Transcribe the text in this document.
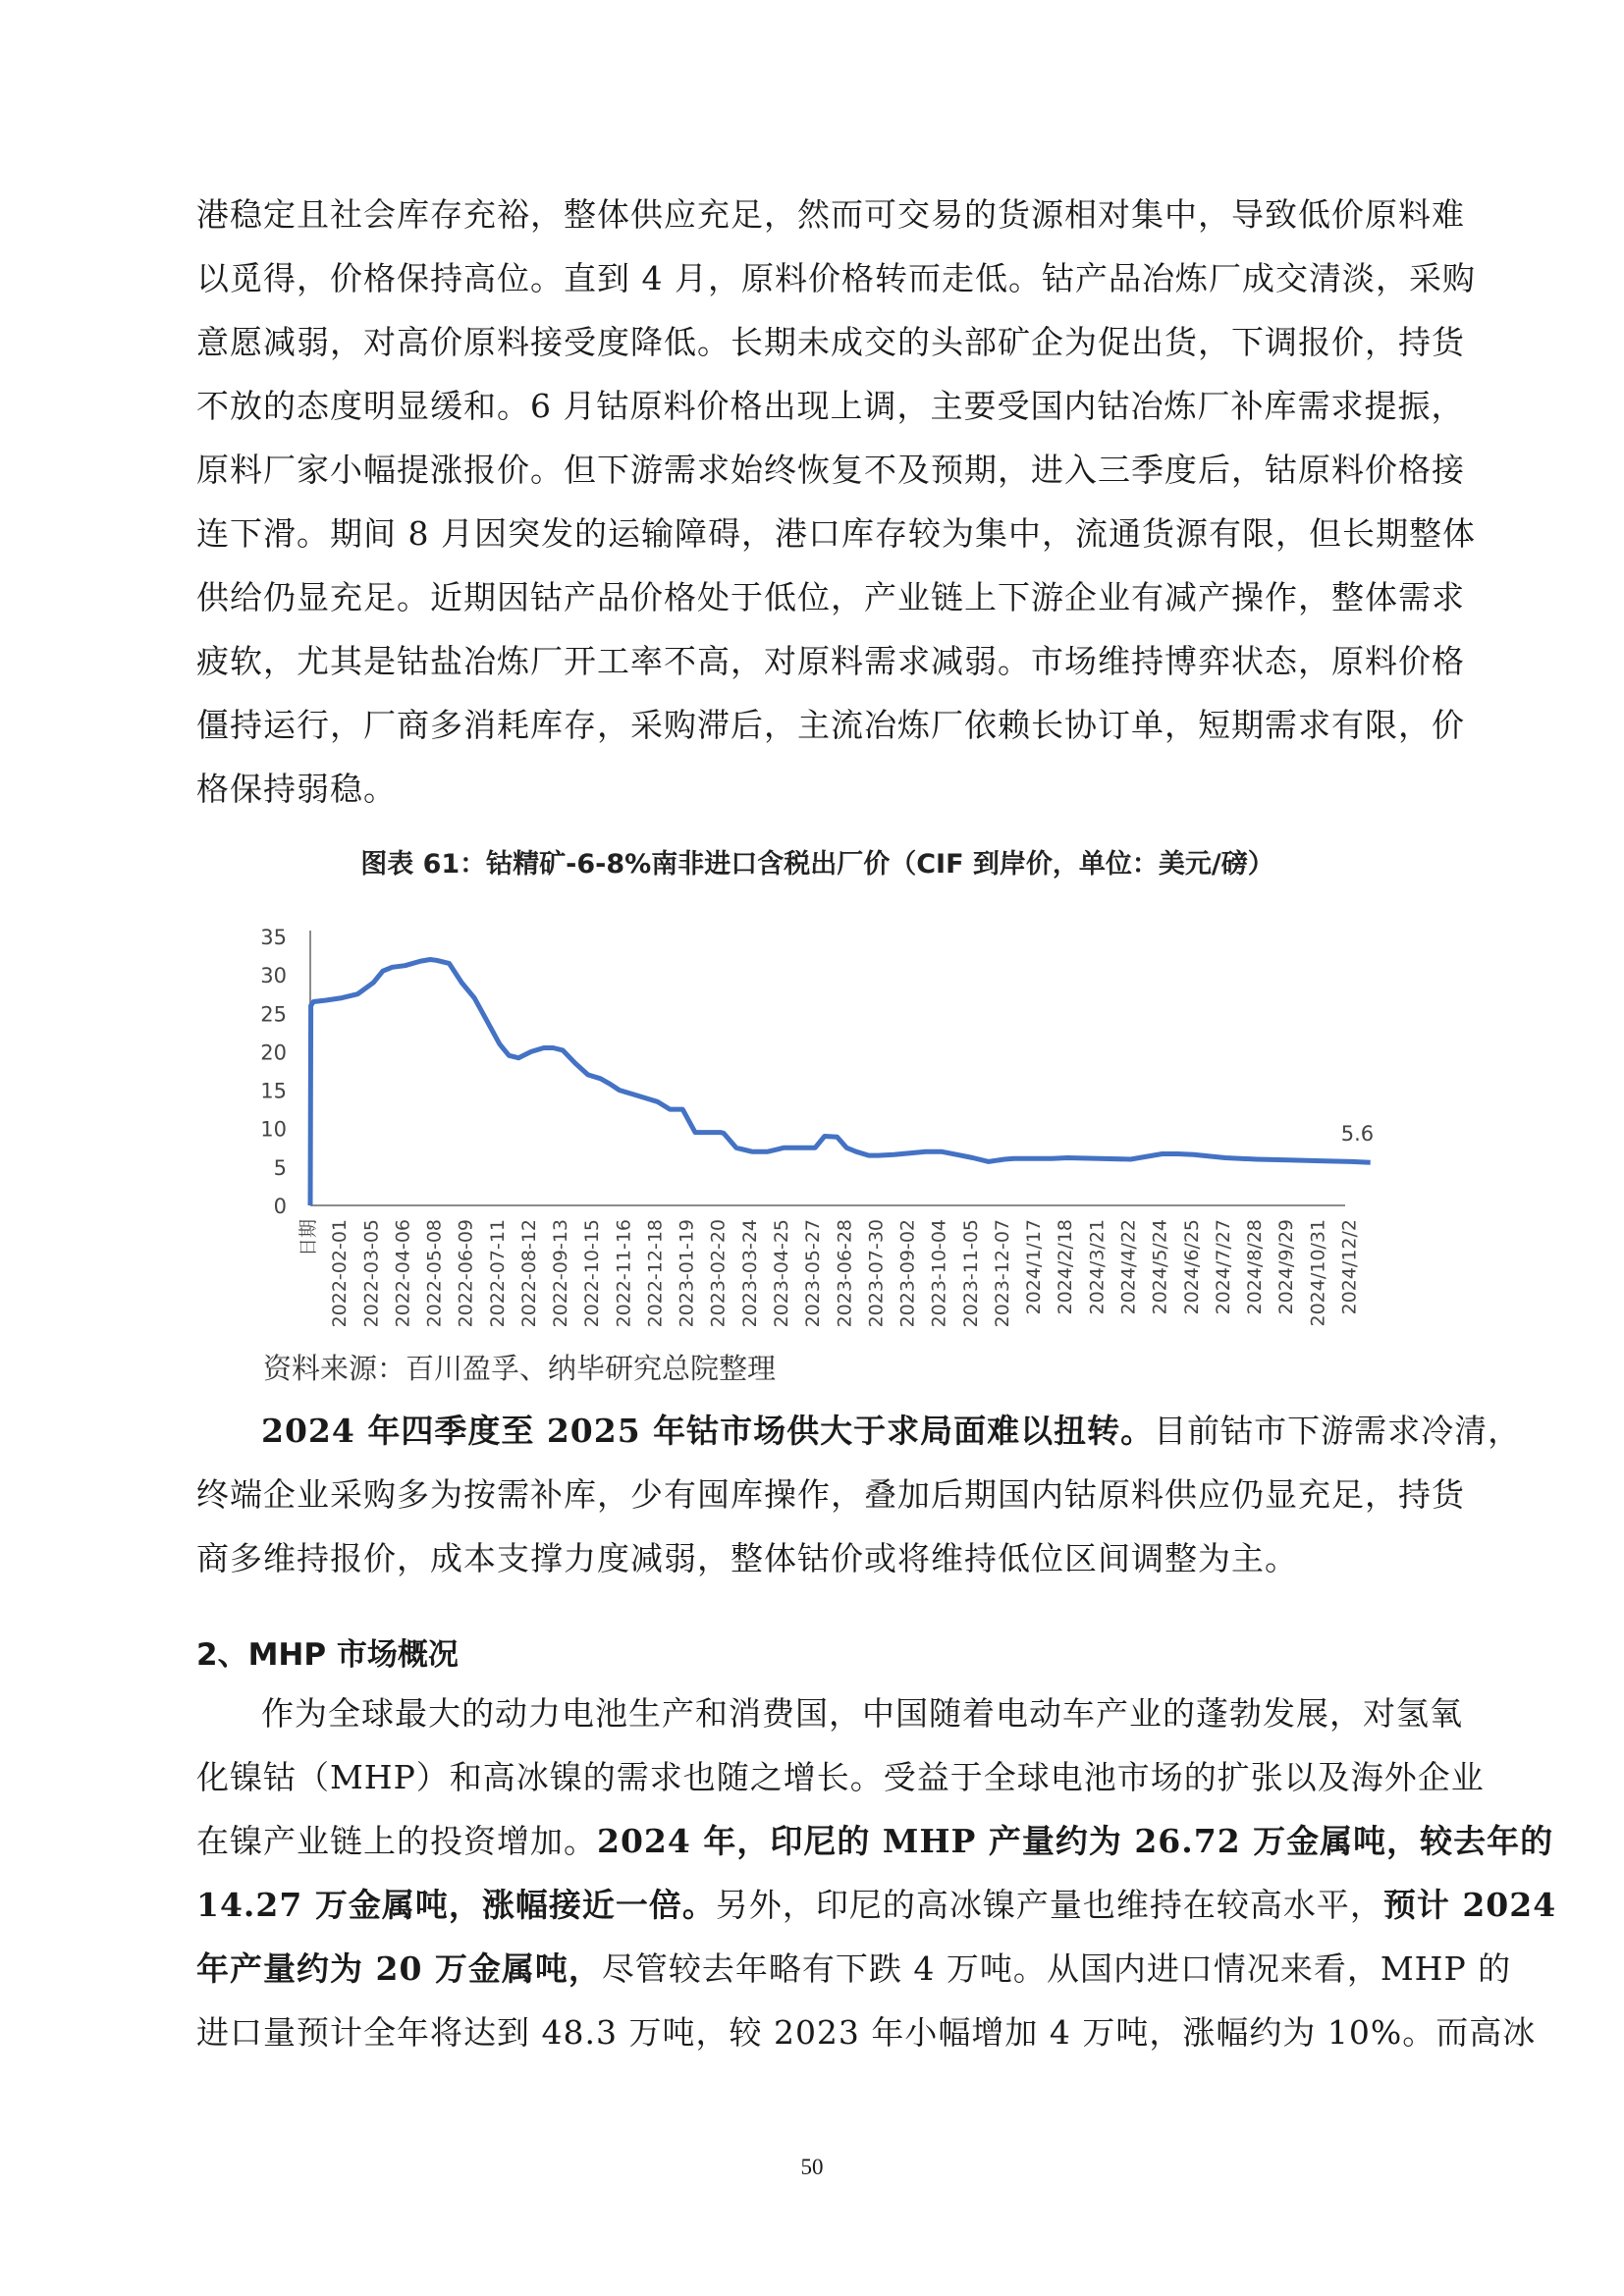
港稳定且社会库存充裕，整体供应充足，然而可交易的货源相对集中，导致低价原料难
以觅得，价格保持高位。直到 4 月，原料价格转而走低。钴产品冶炼厂成交清淡，采购
意愿减弱，对高价原料接受度降低。长期未成交的头部矿企为促出货，下调报价，持货
不放的态度明显缓和。6 月钴原料价格出现上调，主要受国内钴冶炼厂补库需求提振，
原料厂家小幅提涨报价。但下游需求始终恢复不及预期，进入三季度后，钴原料价格接
连下滑。期间 8 月因突发的运输障碍，港口库存较为集中，流通货源有限，但长期整体
供给仍显充足。近期因钴产品价格处于低位，产业链上下游企业有减产操作，整体需求
疲软，尤其是钴盐冶炼厂开工率不高，对原料需求减弱。市场维持博弈状态，原料价格
僵持运行，厂商多消耗库存，采购滞后，主流冶炼厂依赖长协订单，短期需求有限，价
格保持弱稳。
图表 61：钴精矿-6-8%南非进口含税出厂价（CIF 到岸价，单位：美元/磅）
0
5
10
15
20
25
30
35
日期 2022-02-01 2022-03-05 2022-04-06 2022-05-08 2022-06-09 2022-07-11 2022-08-12 2022-09-13 2022-10-15 2022-11-16 2022-12-18 2023-01-19 2023-02-20 2023-03-24 2023-04-25 2023-05-27 2023-06-28 2023-07-30 2023-09-02 2023-10-04 2023-11-05 2023-12-07 2024/1/17 2024/2/18 2024/3/21 2024/4/22 2024/5/24 2024/6/25 2024/7/27 2024/8/28 2024/9/29 2024/10/31 2024/12/2
5.6
资料来源：百川盈孚、纳毕研究总院整理
2024 年四季度至 2025 年钴市场供大于求局面难以扭转。目前钴市下游需求冷清，
终端企业采购多为按需补库，少有囤库操作，叠加后期国内钴原料供应仍显充足，持货
商多维持报价，成本支撑力度减弱，整体钴价或将维持低位区间调整为主。
2、MHP 市场概况
作为全球最大的动力电池生产和消费国，中国随着电动车产业的蓬勃发展，对氢氧
化镍钴（MHP）和高冰镍的需求也随之增长。受益于全球电池市场的扩张以及海外企业
在镍产业链上的投资增加。2024 年，印尼的 MHP 产量约为 26.72 万金属吨，较去年的
14.27 万金属吨，涨幅接近一倍。另外，印尼的高冰镍产量也维持在较高水平，预计 2024
年产量约为 20 万金属吨，尽管较去年略有下跌 4 万吨。从国内进口情况来看，MHP 的
进口量预计全年将达到 48.3 万吨，较 2023 年小幅增加 4 万吨，涨幅约为 10%。而高冰
50
